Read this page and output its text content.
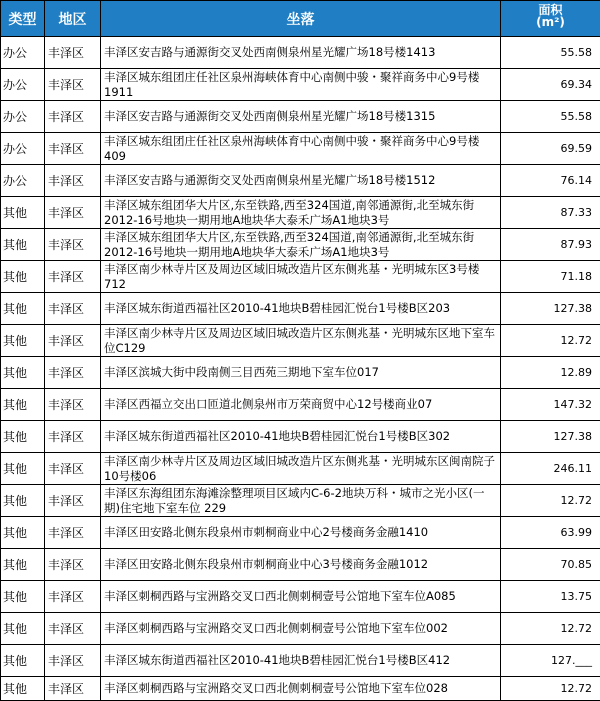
类型	地区	坐落	面积
(m²)

办公	丰泽区	丰泽区安吉路与通源街交叉处西南侧泉州星光耀广场18号楼1413	55.58
办公	丰泽区	丰泽区城东组团庄任社区泉州海峡体育中心南侧中骏・聚祥商务中心9号楼1911	69.34
办公	丰泽区	丰泽区安吉路与通源街交叉处西南侧泉州星光耀广场18号楼1315	55.58
办公	丰泽区	丰泽区城东组团庄任社区泉州海峡体育中心南侧中骏・聚祥商务中心9号楼409	69.59
办公	丰泽区	丰泽区安吉路与通源街交叉处西南侧泉州星光耀广场18号楼1512	76.14
其他	丰泽区	丰泽区城东组团华大片区,东至铁路,西至324国道,南邻通源街,北至城东街2012-16号地块一期用地A地块华大泰禾广场A1地块3号	87.33
其他	丰泽区	丰泽区城东组团华大片区,东至铁路,西至324国道,南邻通源街,北至城东街2012-16号地块一期用地A地块华大泰禾广场A1地块3号	87.93
其他	丰泽区	丰泽区南少林寺片区及周边区域旧城改造片区东侧兆基・光明城东区3号楼712	71.18
其他	丰泽区	丰泽区城东街道西福社区2010-41地块B碧桂园汇悦台1号楼B区203	127.38
其他	丰泽区	丰泽区南少林寺片区及周边区域旧城改造片区东侧兆基・光明城东区地下室车位C129	12.72
其他	丰泽区	丰泽区滨城大街中段南侧三目西苑三期地下室车位017	12.89
其他	丰泽区	丰泽区西福立交出口匝道北侧泉州市万荣商贸中心12号楼商业07	147.32
其他	丰泽区	丰泽区城东街道西福社区2010-41地块B碧桂园汇悦台1号楼B区302	127.38
其他	丰泽区	丰泽区南少林寺片区及周边区域旧城改造片区东侧兆基・光明城东区闽南院子10号楼06	246.11
其他	丰泽区	丰泽区东海组团东海滩涂整理项目区域内C-6-2地块万科・城市之光小区(一期)住宅地下室车位 229	12.72
其他	丰泽区	丰泽区田安路北侧东段泉州市刺桐商业中心2号楼商务金融1410	63.99
其他	丰泽区	丰泽区田安路北侧东段泉州市刺桐商业中心3号楼商务金融1012	70.85
其他	丰泽区	丰泽区刺桐西路与宝洲路交叉口西北侧刺桐壹号公馆地下室车位A085	13.75
其他	丰泽区	丰泽区刺桐西路与宝洲路交叉口西北侧刺桐壹号公馆地下室车位002	12.72
其他	丰泽区	丰泽区城东街道西福社区2010-41地块B碧桂园汇悦台1号楼B区412	127.___
其他	丰泽区	丰泽区刺桐西路与宝洲路交叉口西北侧刺桐壹号公馆地下室车位028	12.72
